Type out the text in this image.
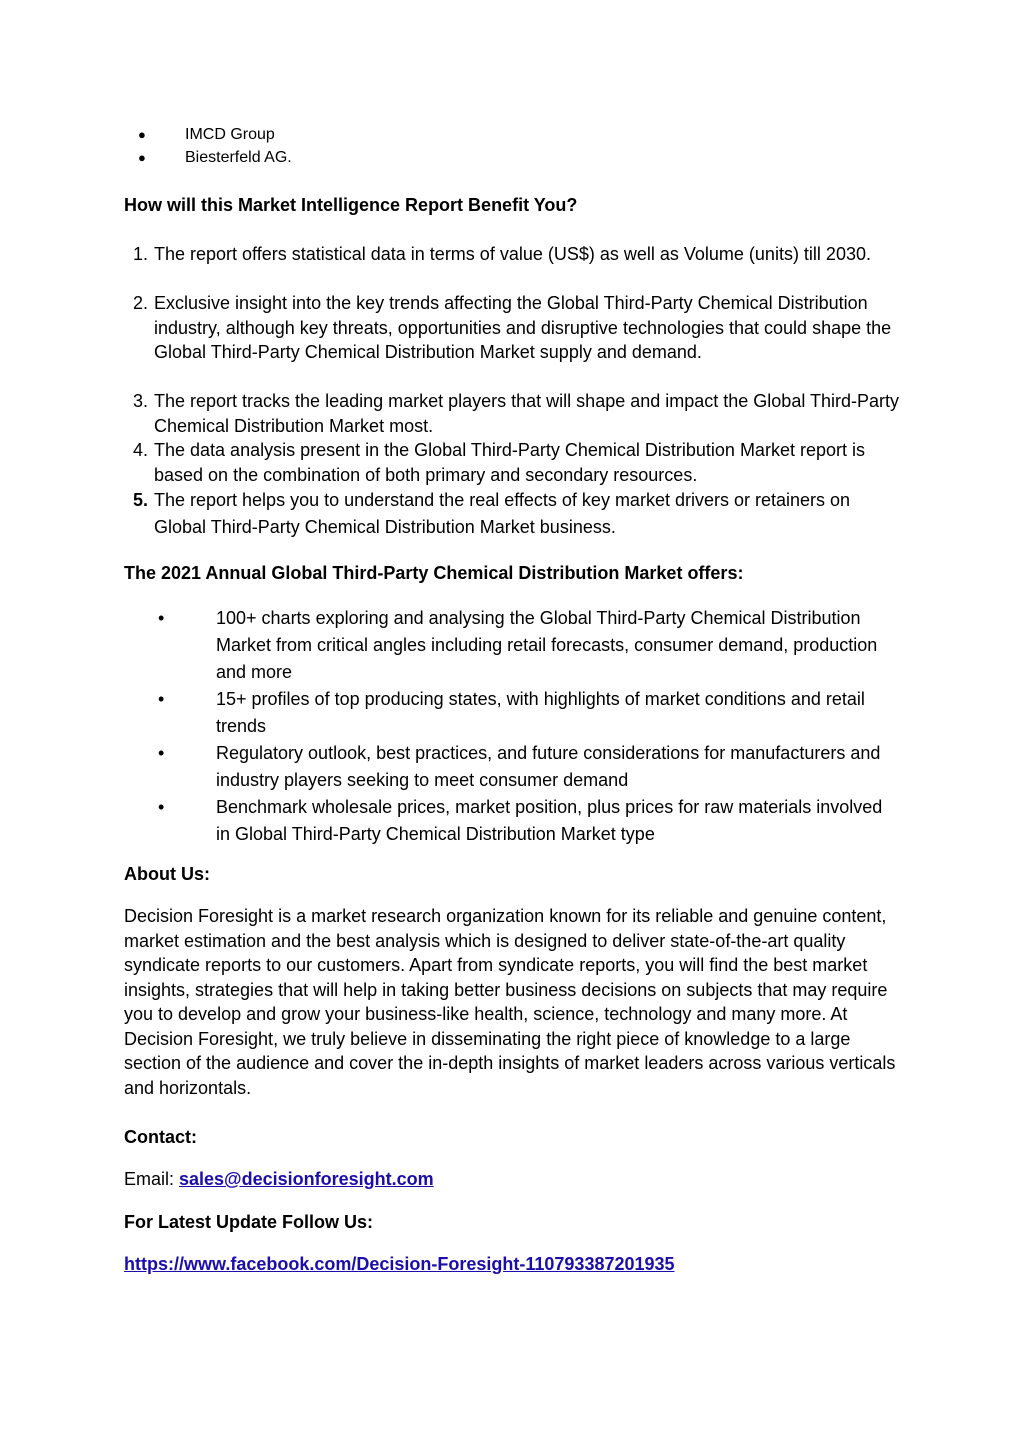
● IMCD Group
● Biesterfeld AG.
How will this Market Intelligence Report Benefit You?
1. The report offers statistical data in terms of value (US$) as well as Volume (units) till 2030.
2. Exclusive insight into the key trends affecting the Global Third-Party Chemical Distribution industry, although key threats, opportunities and disruptive technologies that could shape the Global Third-Party Chemical Distribution Market supply and demand.
3. The report tracks the leading market players that will shape and impact the Global Third-Party Chemical Distribution Market most.
4. The data analysis present in the Global Third-Party Chemical Distribution Market report is based on the combination of both primary and secondary resources.
5. The report helps you to understand the real effects of key market drivers or retainers on Global Third-Party Chemical Distribution Market business.
The 2021 Annual Global Third-Party Chemical Distribution Market offers:
•	100+ charts exploring and analysing the Global Third-Party Chemical Distribution Market from critical angles including retail forecasts, consumer demand, production and more
•	15+ profiles of top producing states, with highlights of market conditions and retail trends
•	Regulatory outlook, best practices, and future considerations for manufacturers and industry players seeking to meet consumer demand
•	Benchmark wholesale prices, market position, plus prices for raw materials involved in Global Third-Party Chemical Distribution Market type
About Us:
Decision Foresight is a market research organization known for its reliable and genuine content, market estimation and the best analysis which is designed to deliver state-of-the-art quality syndicate reports to our customers. Apart from syndicate reports, you will find the best market insights, strategies that will help in taking better business decisions on subjects that may require you to develop and grow your business-like health, science, technology and many more. At Decision Foresight, we truly believe in disseminating the right piece of knowledge to a large section of the audience and cover the in-depth insights of market leaders across various verticals and horizontals.
Contact:
Email: sales@decisionforesight.com
For Latest Update Follow Us:
https://www.facebook.com/Decision-Foresight-110793387201935
